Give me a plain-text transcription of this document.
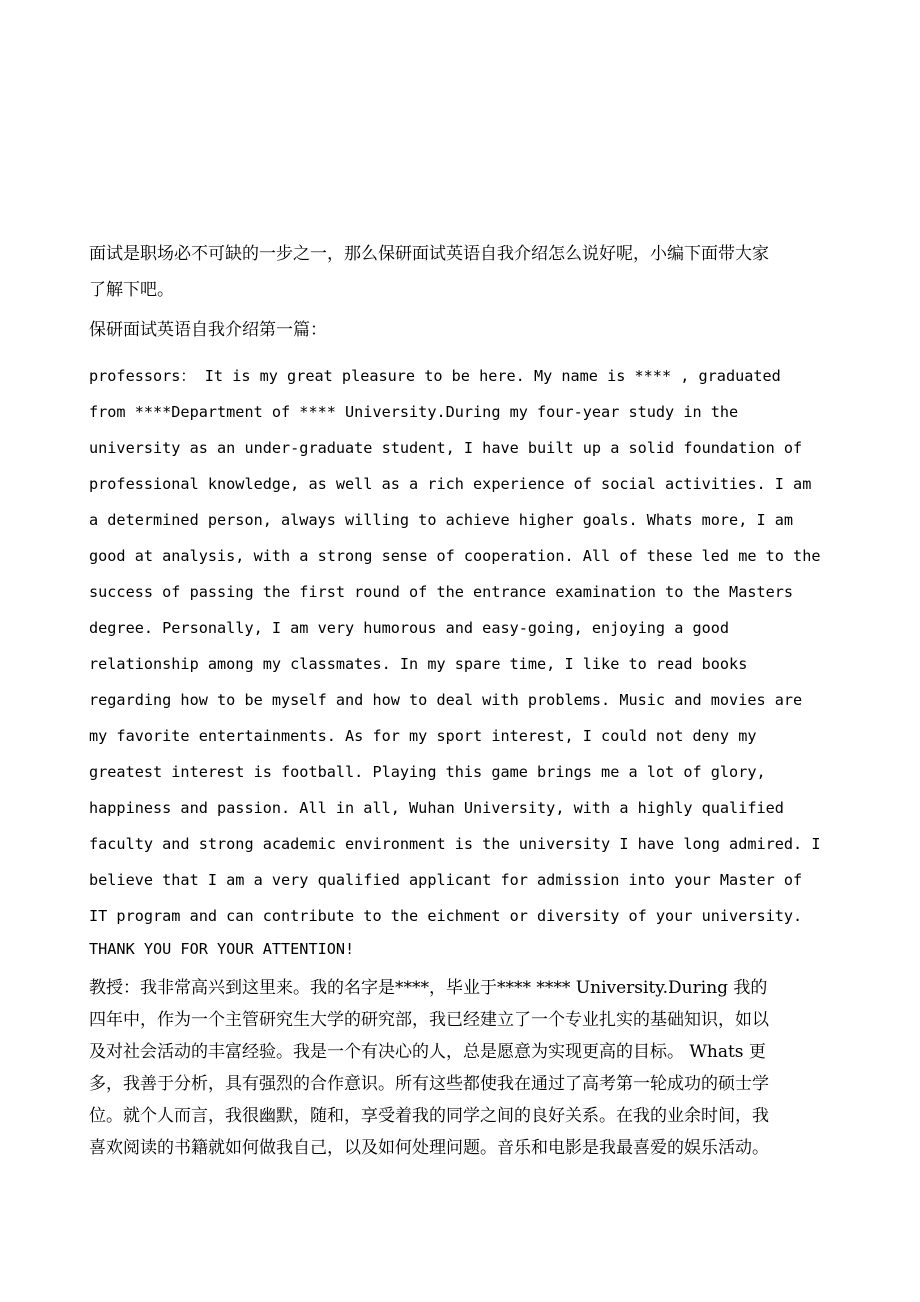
面试是职场必不可缺的一步之一，那么保研面试英语自我介绍怎么说好呢，小编下面带大家
了解下吧。

保研面试英语自我介绍第一篇：

professors： It is my great pleasure to be here. My name is **** , graduated
from ****Department of **** University.During my four-year study in the
university as an under-graduate student, I have built up a solid foundation of
professional knowledge, as well as a rich experience of social activities. I am
a determined person, always willing to achieve higher goals. Whats more, I am
good at analysis, with a strong sense of cooperation. All of these led me to the
success of passing the first round of the entrance examination to the Masters
degree. Personally, I am very humorous and easy-going, enjoying a good
relationship among my classmates. In my spare time, I like to read books
regarding how to be myself and how to deal with problems. Music and movies are
my favorite entertainments. As for my sport interest, I could not deny my
greatest interest is football. Playing this game brings me a lot of glory,
happiness and passion. All in all, Wuhan University, with a highly qualified
faculty and strong academic environment is the university I have long admired. I
believe that I am a very qualified applicant for admission into your Master of
IT program and can contribute to the eichment or diversity of your university.

THANK YOU FOR YOUR ATTENTION!

教授：我非常高兴到这里来。我的名字是****，毕业于**** **** University.During 我的
四年中，作为一个主管研究生大学的研究部，我已经建立了一个专业扎实的基础知识，如以
及对社会活动的丰富经验。我是一个有决心的人，总是愿意为实现更高的目标。 Whats 更
多，我善于分析，具有强烈的合作意识。所有这些都使我在通过了高考第一轮成功的硕士学
位。就个人而言，我很幽默，随和，享受着我的同学之间的良好关系。在我的业余时间，我
喜欢阅读的书籍就如何做我自己，以及如何处理问题。音乐和电影是我最喜爱的娱乐活动。
